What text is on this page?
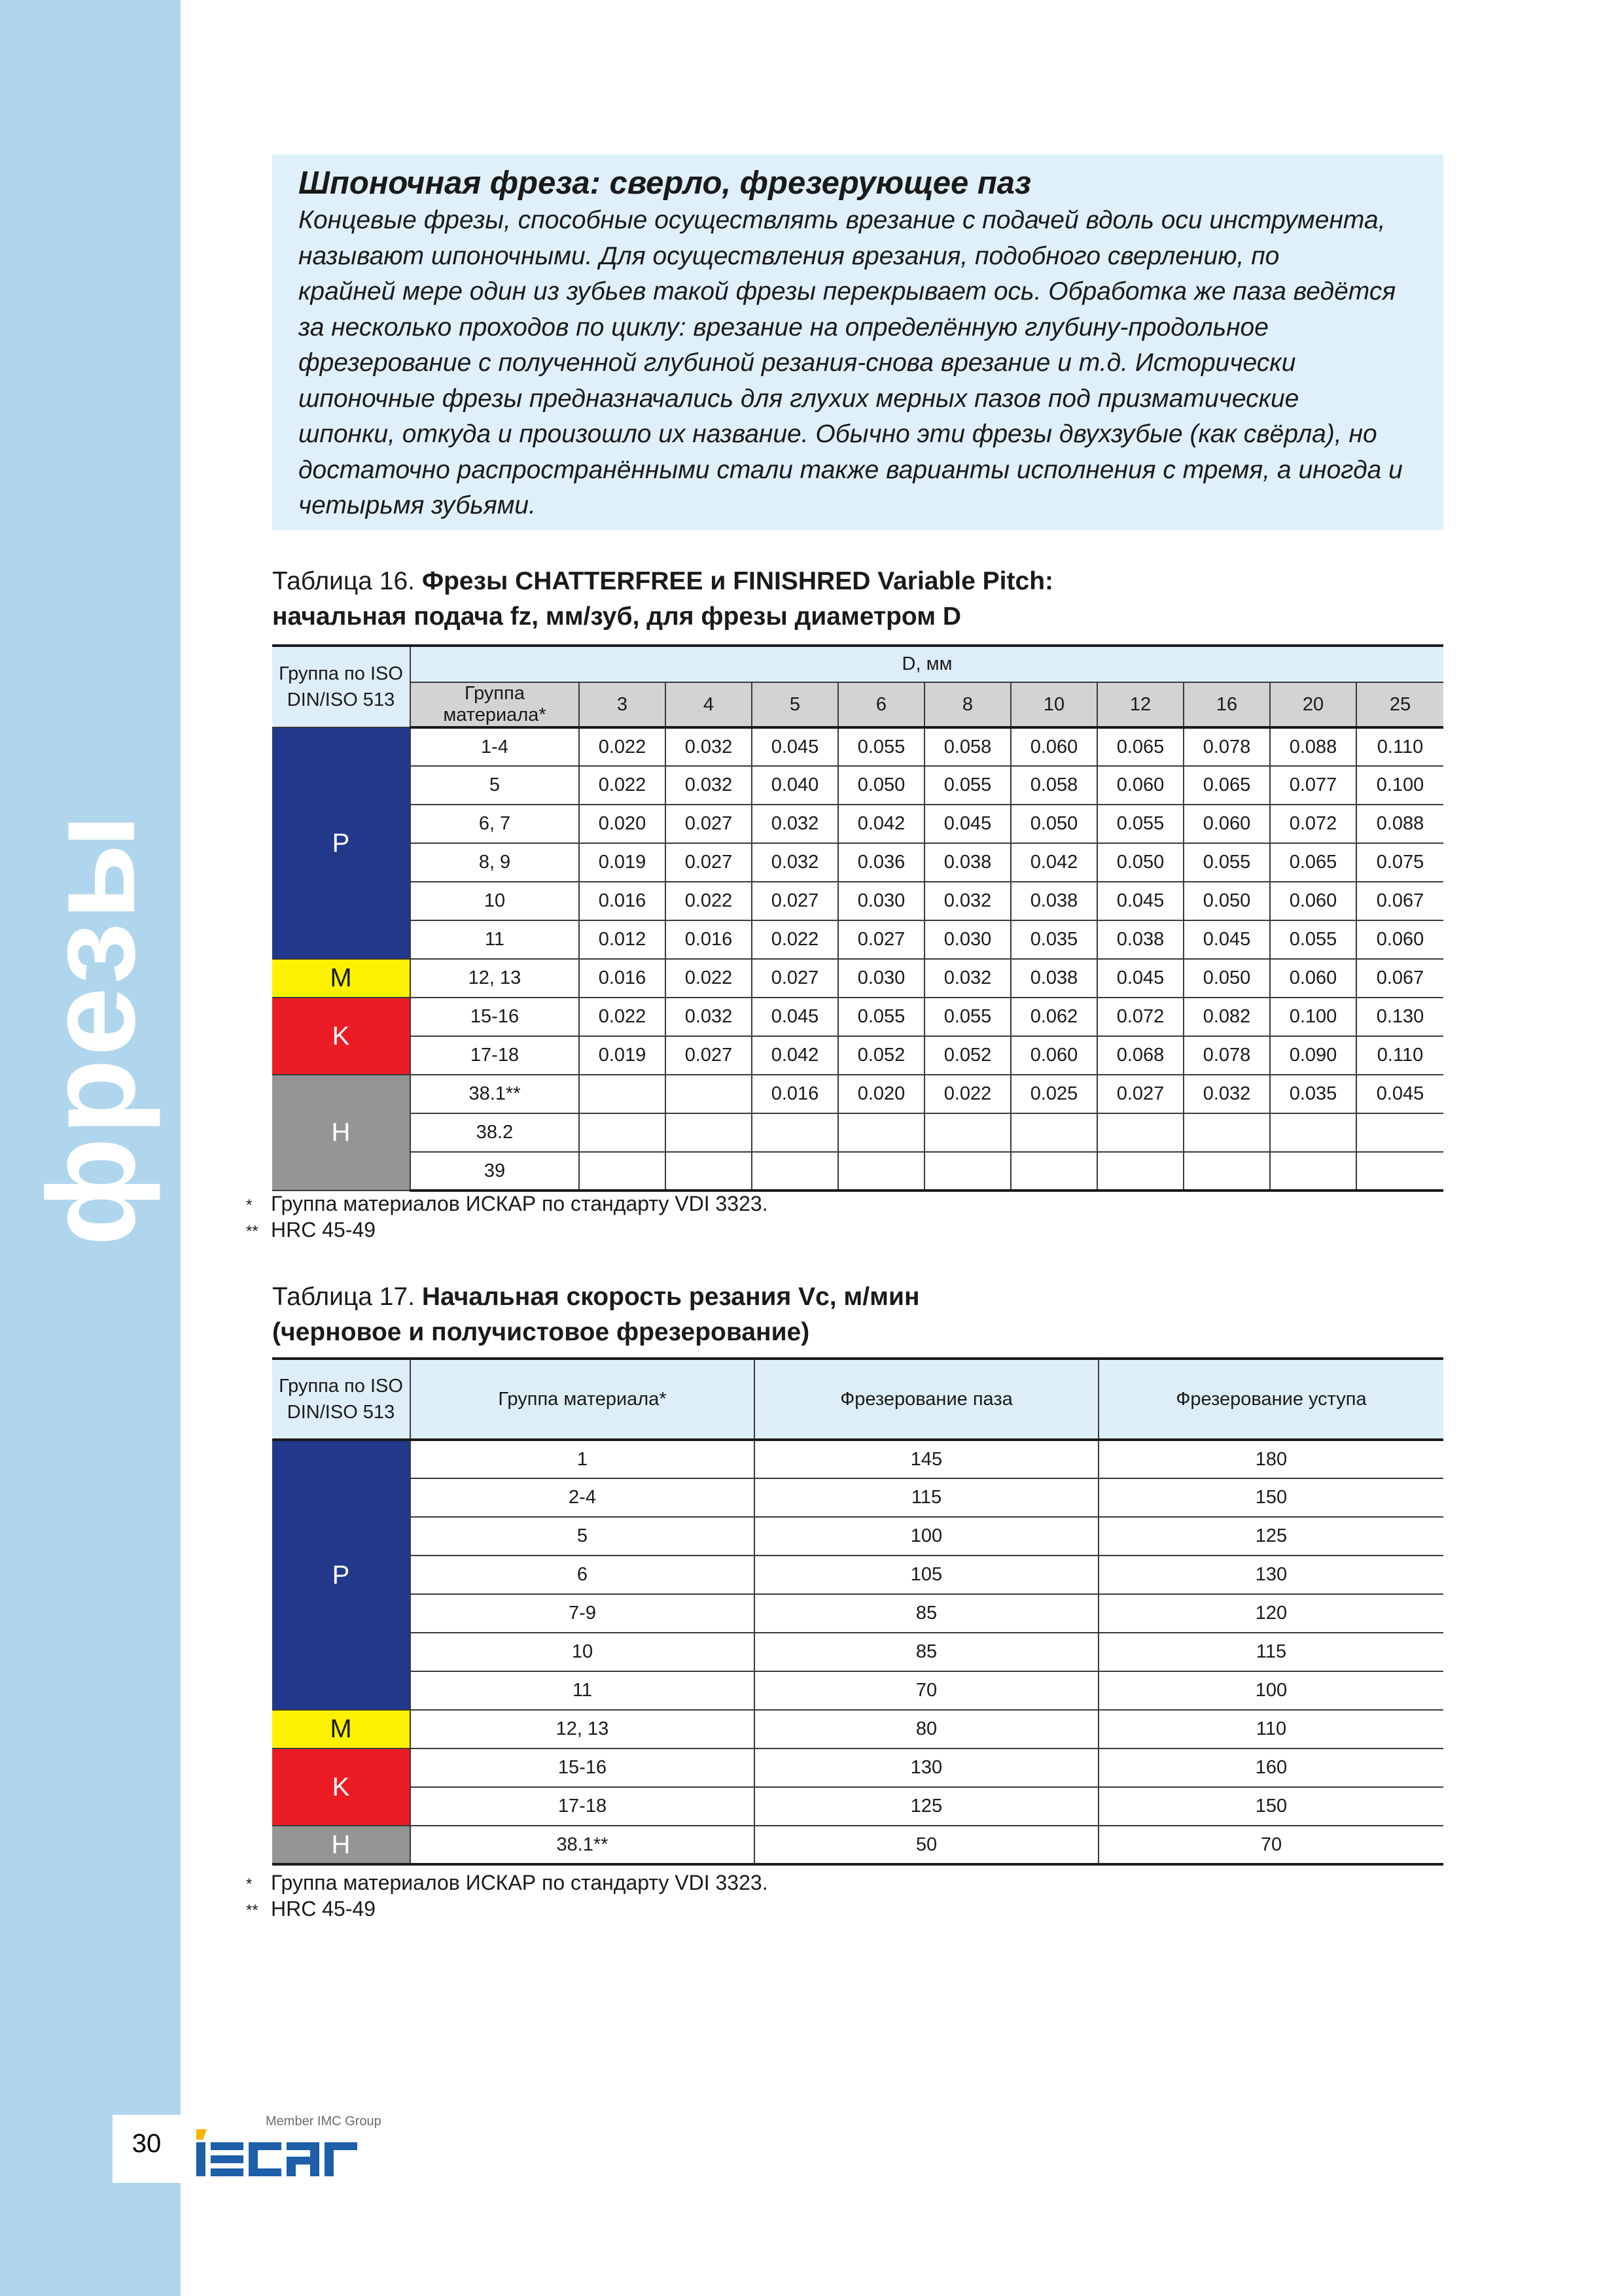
фрезы
30
Member IMC Group
Шпоночная фреза: сверло, фрезерующее паз
Концевые фрезы, способные осуществлять врезание с подачей вдоль оси инструмента,
называют шпоночными. Для осуществления врезания, подобного сверлению, по
крайней мере один из зубьев такой фрезы перекрывает ось. Обработка же паза ведётся
за несколько проходов по циклу: врезание на определённую глубину-продольное
фрезерование с полученной глубиной резания-снова врезание и т.д. Исторически
шпоночные фрезы предназначались для глухих мерных пазов под призматические
шпонки, откуда и произошло их название. Обычно эти фрезы двухзубые (как свёрла), но
достаточно распространёнными стали также варианты исполнения с тремя, а иногда и
четырьмя зубьями.
Таблица 16. Фрезы CHATTERFREE и FINISHRED Variable Pitch:
начальная подача fz, мм/зуб, для фрезы диаметром D
Группа по ISO
DIN/ISO 513	D, мм										
	Группа материала*	3	4	5	6	8	10	12	16	20	25
P	1-4	0.022	0.032	0.045	0.055	0.058	0.060	0.065	0.078	0.088	0.110
	5	0.022	0.032	0.040	0.050	0.055	0.058	0.060	0.065	0.077	0.100
	6, 7	0.020	0.027	0.032	0.042	0.045	0.050	0.055	0.060	0.072	0.088
	8, 9	0.019	0.027	0.032	0.036	0.038	0.042	0.050	0.055	0.065	0.075
	10	0.016	0.022	0.027	0.030	0.032	0.038	0.045	0.050	0.060	0.067
	11	0.012	0.016	0.022	0.027	0.030	0.035	0.038	0.045	0.055	0.060
M	12, 13	0.016	0.022	0.027	0.030	0.032	0.038	0.045	0.050	0.060	0.067
K	15-16	0.022	0.032	0.045	0.055	0.055	0.062	0.072	0.082	0.100	0.130
	17-18	0.019	0.027	0.042	0.052	0.052	0.060	0.068	0.078	0.090	0.110
H	38.1**			0.016	0.020	0.022	0.025	0.027	0.032	0.035	0.045
	38.2										
	39										
* Группа материалов ИСКАР по стандарту VDI 3323.
** HRC 45-49
Таблица 17. Начальная скорость резания Vc, м/мин
(черновое и получистовое фрезерование)
Группа по ISO
DIN/ISO 513	Группа материала*	Фрезерование паза	Фрезерование уступа
P	1	145	180
	2-4	115	150
	5	100	125
	6	105	130
	7-9	85	120
	10	85	115
	11	70	100
M	12, 13	80	110
K	15-16	130	160
	17-18	125	150
H	38.1**	50	70
* Группа материалов ИСКАР по стандарту VDI 3323.
** HRC 45-49
